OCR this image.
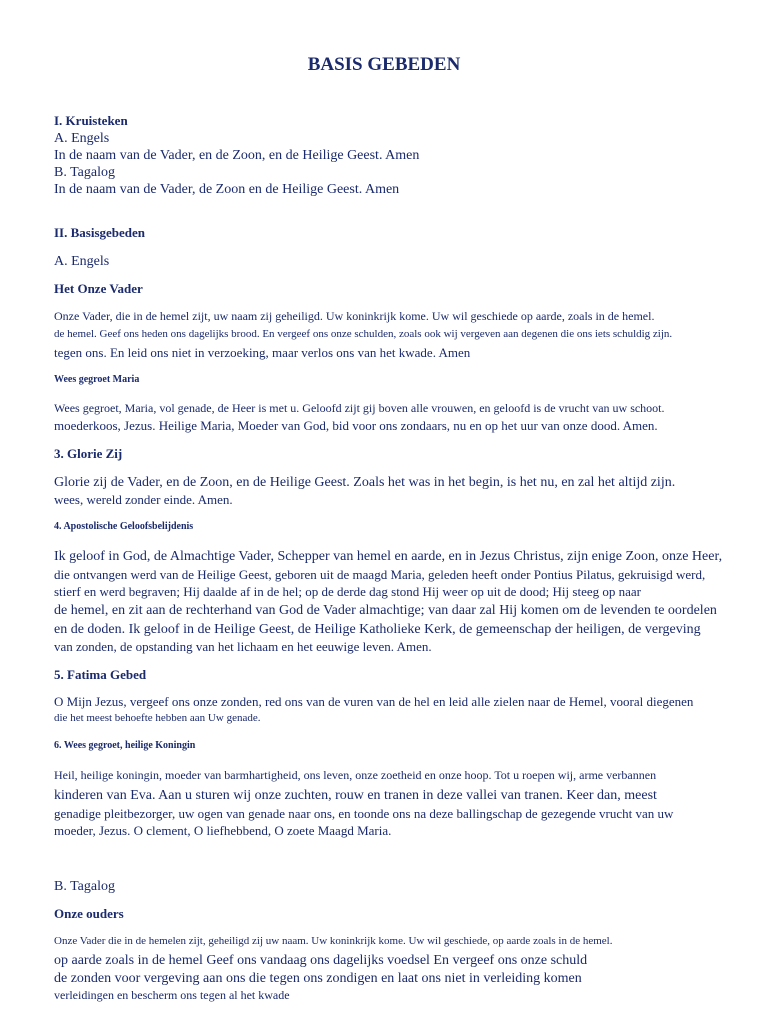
BASIS GEBEDEN

I. Kruisteken

A. Engels

In de naam van de Vader, en de Zoon, en de Heilige Geest. Amen

B. Tagalog

In de naam van de Vader, de Zoon en de Heilige Geest. Amen

II. Basisgebeden

A. Engels

Het Onze Vader

Onze Vader, die in de hemel zijt, uw naam zij geheiligd. Uw koninkrijk kome. Uw wil geschiede op aarde, zoals in de hemel.

de hemel. Geef ons heden ons dagelijks brood. En vergeef ons onze schulden, zoals ook wij vergeven aan degenen die ons iets schuldig zijn.

tegen ons. En leid ons niet in verzoeking, maar verlos ons van het kwade. Amen

Wees gegroet Maria

Wees gegroet, Maria, vol genade, de Heer is met u. Geloofd zijt gij boven alle vrouwen, en geloofd is de vrucht van uw schoot.

moederkoos, Jezus. Heilige Maria, Moeder van God, bid voor ons zondaars, nu en op het uur van onze dood. Amen.

3. Glorie Zij

Glorie zij de Vader, en de Zoon, en de Heilige Geest. Zoals het was in het begin, is het nu, en zal het altijd zijn.

wees, wereld zonder einde. Amen.

4. Apostolische Geloofsbelijdenis

Ik geloof in God, de Almachtige Vader, Schepper van hemel en aarde, en in Jezus Christus, zijn enige Zoon, onze Heer,

die ontvangen werd van de Heilige Geest, geboren uit de maagd Maria, geleden heeft onder Pontius Pilatus, gekruisigd werd,

stierf en werd begraven; Hij daalde af in de hel; op de derde dag stond Hij weer op uit de dood; Hij steeg op naar

de hemel, en zit aan de rechterhand van God de Vader almachtige; van daar zal Hij komen om de levenden te oordelen

en de doden. Ik geloof in de Heilige Geest, de Heilige Katholieke Kerk, de gemeenschap der heiligen, de vergeving

van zonden, de opstanding van het lichaam en het eeuwige leven. Amen.

5. Fatima Gebed

O Mijn Jezus, vergeef ons onze zonden, red ons van de vuren van de hel en leid alle zielen naar de Hemel, vooral diegenen

die het meest behoefte hebben aan Uw genade.

6. Wees gegroet, heilige Koningin

Heil, heilige koningin, moeder van barmhartigheid, ons leven, onze zoetheid en onze hoop. Tot u roepen wij, arme verbannen

kinderen van Eva. Aan u sturen wij onze zuchten, rouw en tranen in deze vallei van tranen. Keer dan, meest

genadige pleitbezorger, uw ogen van genade naar ons, en toonde ons na deze ballingschap de gezegende vrucht van uw

moeder, Jezus. O clement, O liefhebbend, O zoete Maagd Maria.

B. Tagalog

Onze ouders

Onze Vader die in de hemelen zijt, geheiligd zij uw naam. Uw koninkrijk kome. Uw wil geschiede, op aarde zoals in de hemel.

op aarde zoals in de hemel Geef ons vandaag ons dagelijks voedsel En vergeef ons onze schuld

de zonden voor vergeving aan ons die tegen ons zondigen en laat ons niet in verleiding komen

verleidingen en bescherm ons tegen al het kwade
